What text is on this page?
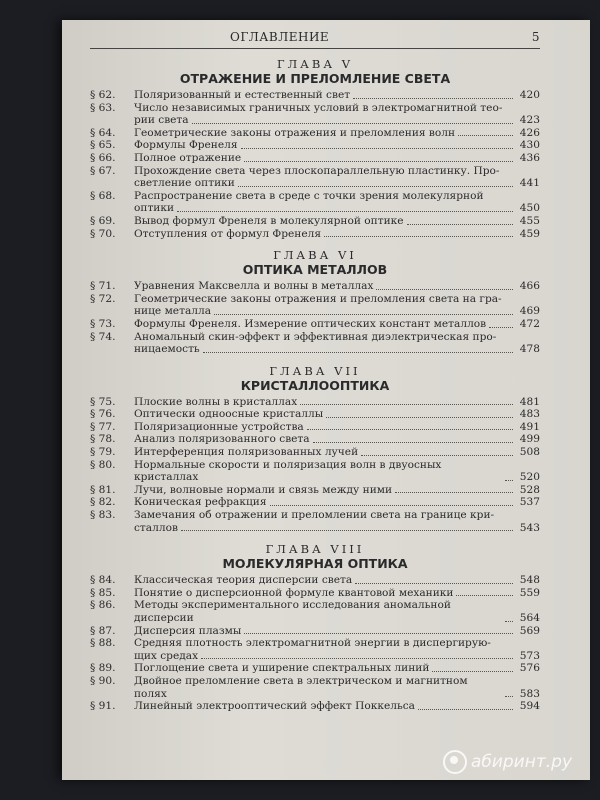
ОГЛАВЛЕНИЕ	5
ГЛАВА V
ОТРАЖЕНИЕ И ПРЕЛОМЛЕНИЕ СВЕТА
§ 62.	Поляризованный и естественный свет	420
§ 63.	Число независимых граничных условий в электромагнитной тео-
рии света	423
§ 64.	Геометрические законы отражения и преломления волн	426
§ 65.	Формулы Френеля	430
§ 66.	Полное отражение	436
§ 67.	Прохождение света через плоскопараллельную пластинку. Про-
светление оптики	441
§ 68.	Распространение света в среде с точки зрения молекулярной
оптики	450
§ 69.	Вывод формул Френеля в молекулярной оптике	455
§ 70.	Отступления от формул Френеля	459
ГЛАВА VI
ОПТИКА МЕТАЛЛОВ
§ 71.	Уравнения Максвелла и волны в металлах	466
§ 72.	Геометрические законы отражения и преломления света на гра-
нице металла	469
§ 73.	Формулы Френеля. Измерение оптических констант металлов	472
§ 74.	Аномальный скин-эффект и эффективная диэлектрическая про-
ницаемость	478
ГЛАВА VII
КРИСТАЛЛООПТИКА
§ 75.	Плоские волны в кристаллах	481
§ 76.	Оптически одноосные кристаллы	483
§ 77.	Поляризационные устройства	491
§ 78.	Анализ поляризованного света	499
§ 79.	Интерференция поляризованных лучей	508
§ 80.	Нормальные скорости и поляризация волн в двуосных кристаллах	520
§ 81.	Лучи, волновые нормали и связь между ними	528
§ 82.	Коническая рефракция	537
§ 83.	Замечания об отражении и преломлении света на границе кри-
сталлов	543
ГЛАВА VIII
МОЛЕКУЛЯРНАЯ ОПТИКА
§ 84.	Классическая теория дисперсии света	548
§ 85.	Понятие о дисперсионной формуле квантовой механики	559
§ 86.	Методы экспериментального исследования аномальной дисперсии	564
§ 87.	Дисперсия плазмы	569
§ 88.	Средняя плотность электромагнитной энергии в диспергирую-
щих средах	573
§ 89.	Поглощение света и уширение спектральных линий	576
§ 90.	Двойное преломление света в электрическом и магнитном полях	583
§ 91.	Линейный электрооптический эффект Поккельса	594
абиринт.ру
